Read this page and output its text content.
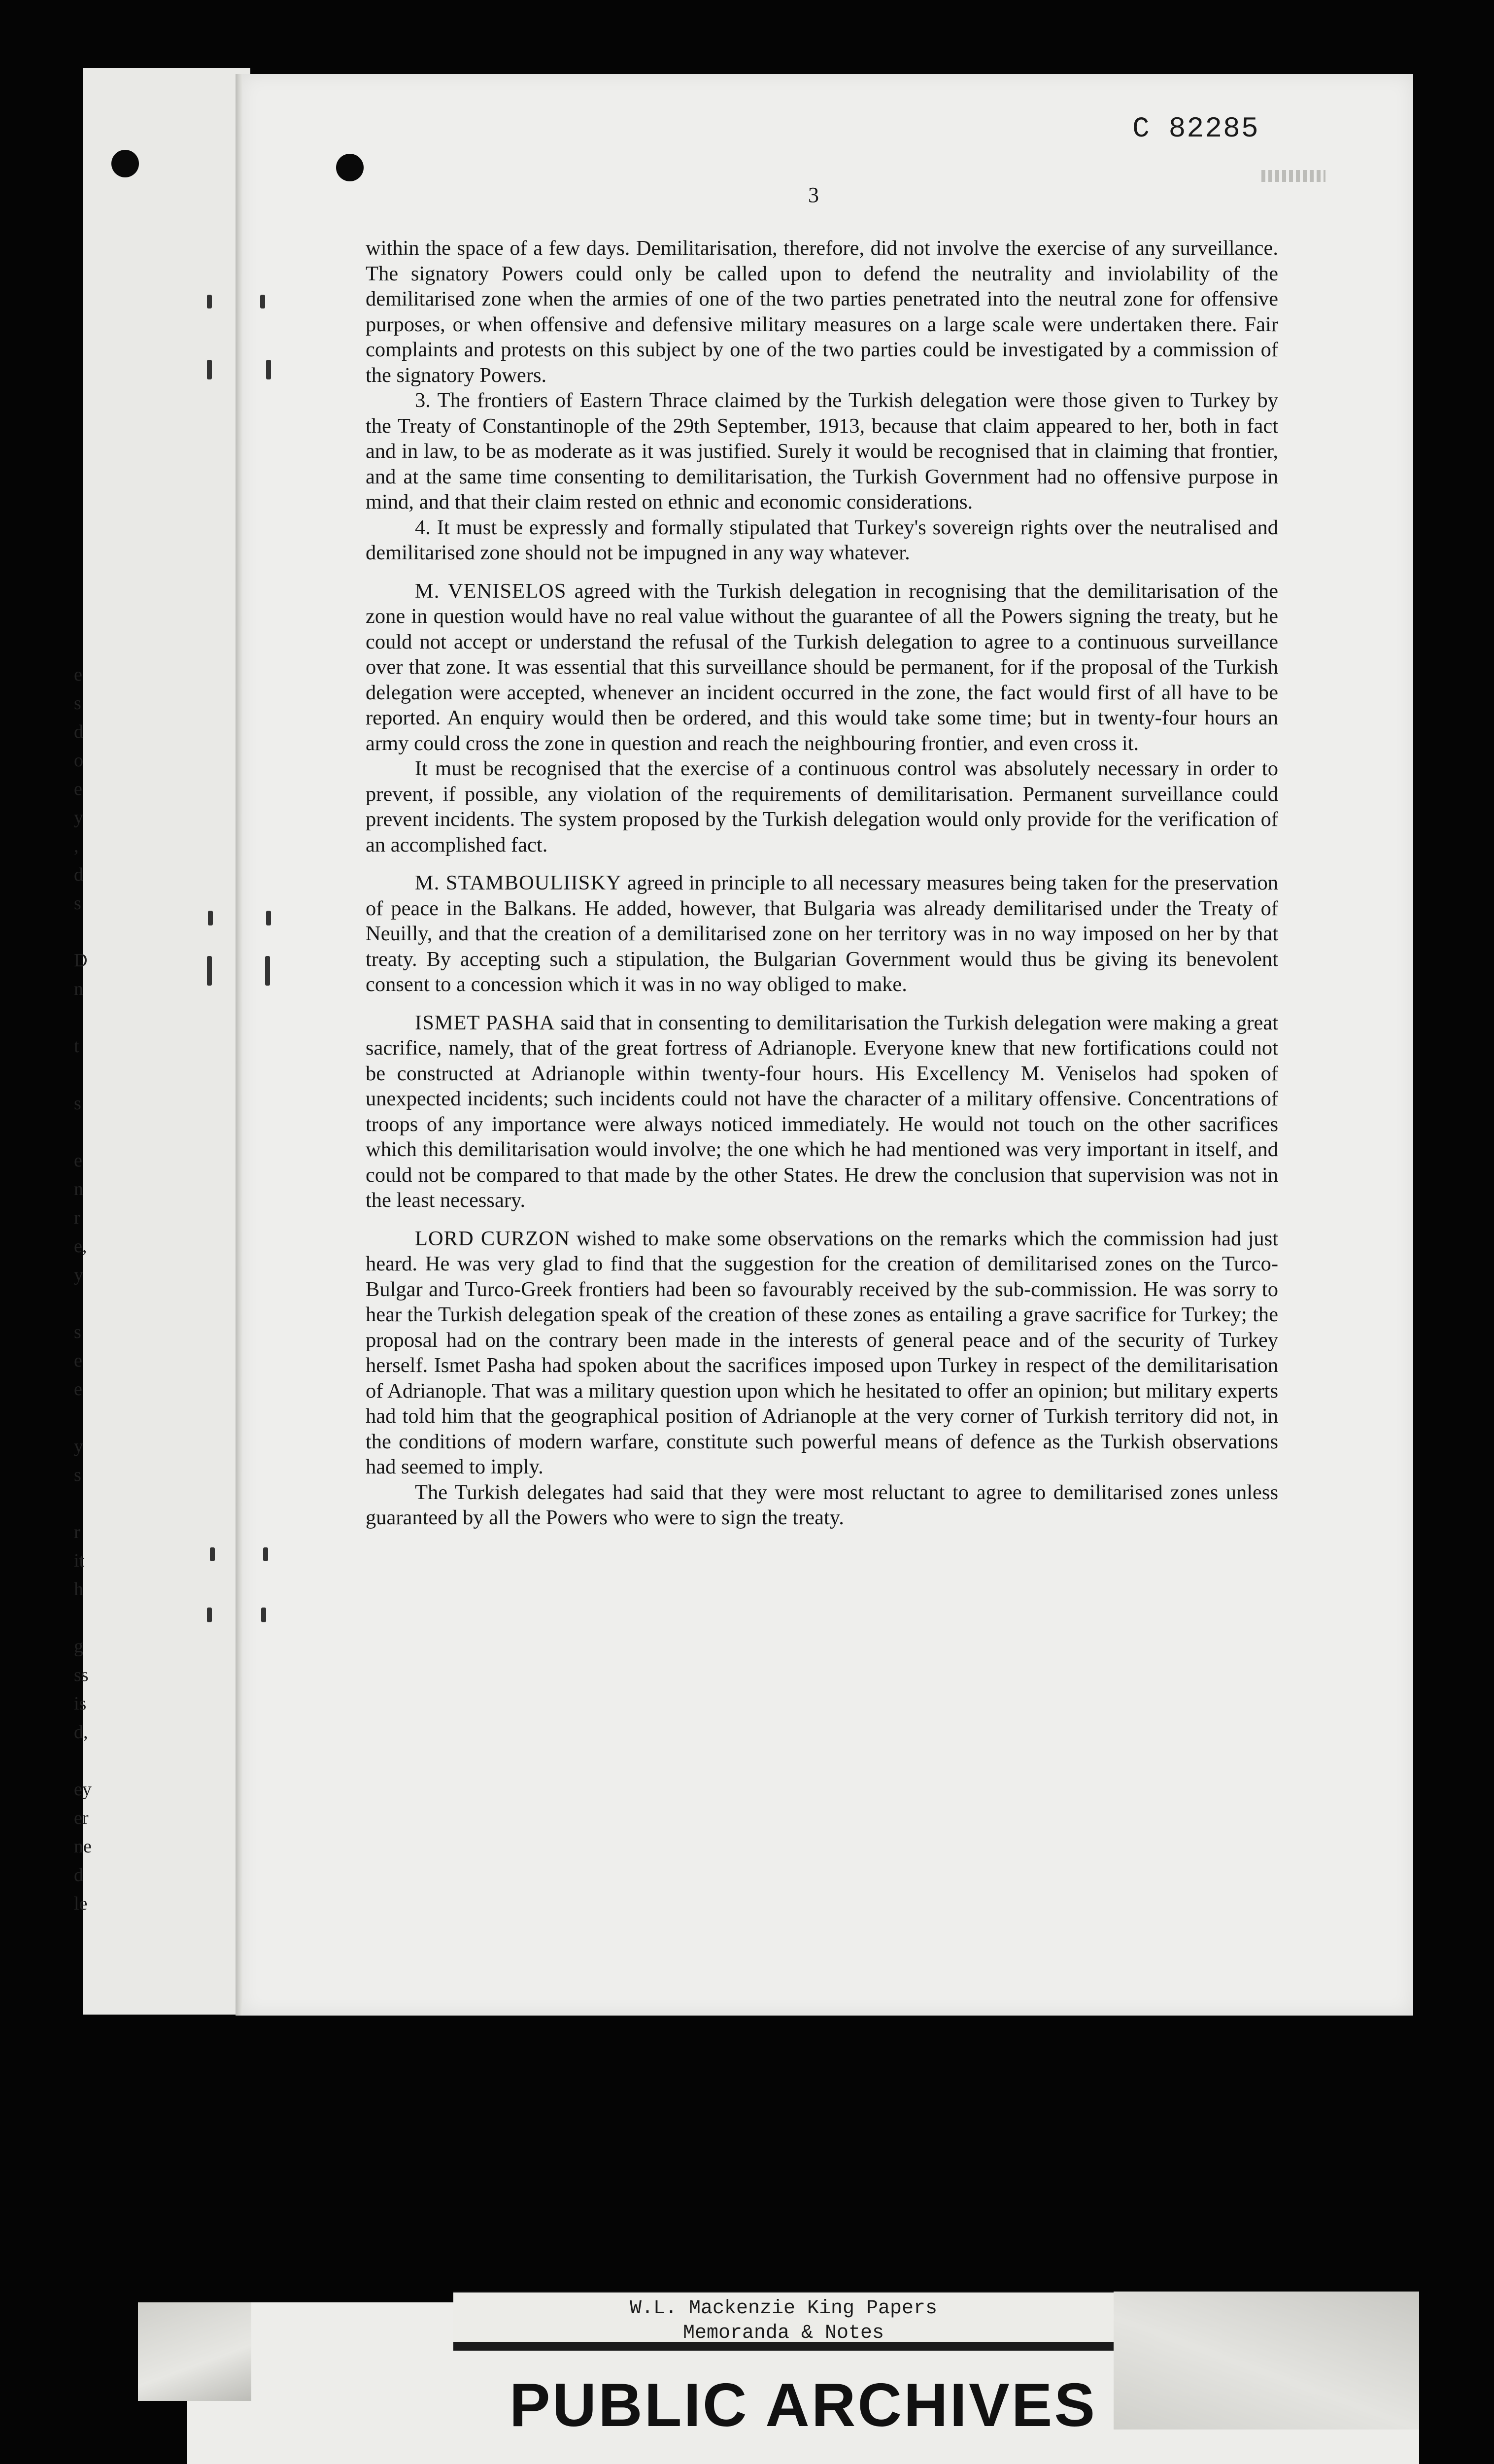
e
s
d
o
e
y
,
d
s
D
n
t
s
e
n
r
e,
y
s
e
e
y
s
r
it
h
g
ss
is
d,
ey
er
ne
d
le
C 82285
3

within the space of a few days. Demilitarisation, therefore, did not involve the exercise of any surveillance. The signatory Powers could only be called upon to defend the neutrality and inviolability of the demilitarised zone when the armies of one of the two parties penetrated into the neutral zone for offensive purposes, or when offensive and defensive military measures on a large scale were undertaken there. Fair complaints and protests on this subject by one of the two parties could be investigated by a commission of the signatory Powers.

3. The frontiers of Eastern Thrace claimed by the Turkish delegation were those given to Turkey by the Treaty of Constantinople of the 29th September, 1913, because that claim appeared to her, both in fact and in law, to be as moderate as it was justified. Surely it would be recognised that in claiming that frontier, and at the same time consenting to demilitarisation, the Turkish Government had no offensive purpose in mind, and that their claim rested on ethnic and economic considerations.

4. It must be expressly and formally stipulated that Turkey's sovereign rights over the neutralised and demilitarised zone should not be impugned in any way whatever.

M. VENISELOS agreed with the Turkish delegation in recognising that the demilitarisation of the zone in question would have no real value without the guarantee of all the Powers signing the treaty, but he could not accept or understand the refusal of the Turkish delegation to agree to a continuous surveillance over that zone. It was essential that this surveillance should be permanent, for if the proposal of the Turkish delegation were accepted, whenever an incident occurred in the zone, the fact would first of all have to be reported. An enquiry would then be ordered, and this would take some time; but in twenty-four hours an army could cross the zone in question and reach the neighbouring frontier, and even cross it.

It must be recognised that the exercise of a continuous control was absolutely necessary in order to prevent, if possible, any violation of the requirements of demilitarisation. Permanent surveillance could prevent incidents. The system proposed by the Turkish delegation would only provide for the verification of an accomplished fact.

M. STAMBOULIISKY agreed in principle to all necessary measures being taken for the preservation of peace in the Balkans. He added, however, that Bulgaria was already demilitarised under the Treaty of Neuilly, and that the creation of a demilitarised zone on her territory was in no way imposed on her by that treaty. By accepting such a stipulation, the Bulgarian Government would thus be giving its benevolent consent to a concession which it was in no way obliged to make.

ISMET PASHA said that in consenting to demilitarisation the Turkish delegation were making a great sacrifice, namely, that of the great fortress of Adrianople. Everyone knew that new fortifications could not be constructed at Adrianople within twenty-four hours. His Excellency M. Veniselos had spoken of unexpected incidents; such incidents could not have the character of a military offensive. Concentrations of troops of any importance were always noticed immediately. He would not touch on the other sacrifices which this demilitarisation would involve; the one which he had mentioned was very important in itself, and could not be compared to that made by the other States. He drew the conclusion that supervision was not in the least necessary.

LORD CURZON wished to make some observations on the remarks which the commission had just heard. He was very glad to find that the suggestion for the creation of demilitarised zones on the Turco-Bulgar and Turco-Greek frontiers had been so favourably received by the sub-commission. He was sorry to hear the Turkish delegation speak of the creation of these zones as entailing a grave sacrifice for Turkey; the proposal had on the contrary been made in the interests of general peace and of the security of Turkey herself. Ismet Pasha had spoken about the sacrifices imposed upon Turkey in respect of the demilitarisation of Adrianople. That was a military question upon which he hesitated to offer an opinion; but military experts had told him that the geographical position of Adrianople at the very corner of Turkish territory did not, in the conditions of modern warfare, constitute such powerful means of defence as the Turkish observations had seemed to imply.

The Turkish delegates had said that they were most reluctant to agree to demilitarised zones unless guaranteed by all the Powers who were to sign the treaty.

W.L. Mackenzie King Papers
Memoranda & Notes
PUBLIC ARCHIVES
